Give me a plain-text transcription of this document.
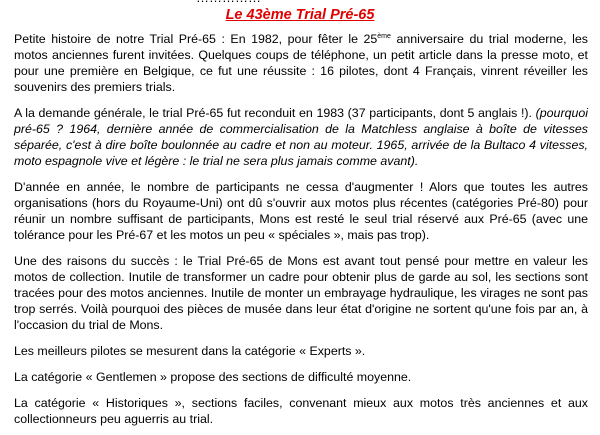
Le 43ème Trial Pré-65

Petite histoire de notre Trial Pré-65 : En 1982, pour fêter le 25ème anniversaire du trial moderne, les motos anciennes furent invitées. Quelques coups de téléphone, un petit article dans la presse moto, et pour une première en Belgique, ce fut une réussite : 16 pilotes, dont 4 Français, vinrent réveiller les souvenirs des premiers trials.

A la demande générale, le trial Pré-65 fut reconduit en 1983 (37 participants, dont 5 anglais !). (pourquoi pré-65 ? 1964, dernière année de commercialisation de la Matchless anglaise à boîte de vitesses séparée, c'est à dire boîte boulonnée au cadre et non au moteur. 1965, arrivée de la Bultaco 4 vitesses, moto espagnole vive et légère : le trial ne sera plus jamais comme avant).

D'année en année, le nombre de participants ne cessa d'augmenter ! Alors que toutes les autres organisations (hors du Royaume-Uni) ont dû s'ouvrir aux motos plus récentes (catégories Pré-80) pour réunir un nombre suffisant de participants, Mons est resté le seul trial réservé aux Pré-65 (avec une tolérance pour les Pré-67 et les motos un peu « spéciales », mais pas trop).

Une des raisons du succès : le Trial Pré-65 de Mons est avant tout pensé pour mettre en valeur les motos de collection. Inutile de transformer un cadre pour obtenir plus de garde au sol, les sections sont tracées pour des motos anciennes. Inutile de monter un embrayage hydraulique, les virages ne sont pas trop serrés. Voilà pourquoi des pièces de musée dans leur état d'origine ne sortent qu'une fois par an, à l'occasion du trial de Mons.

Les meilleurs pilotes se mesurent dans la catégorie « Experts ».

La catégorie « Gentlemen » propose des sections de difficulté moyenne.

La catégorie « Historiques », sections faciles, convenant mieux aux motos très anciennes et aux collectionneurs peu aguerris au trial.
